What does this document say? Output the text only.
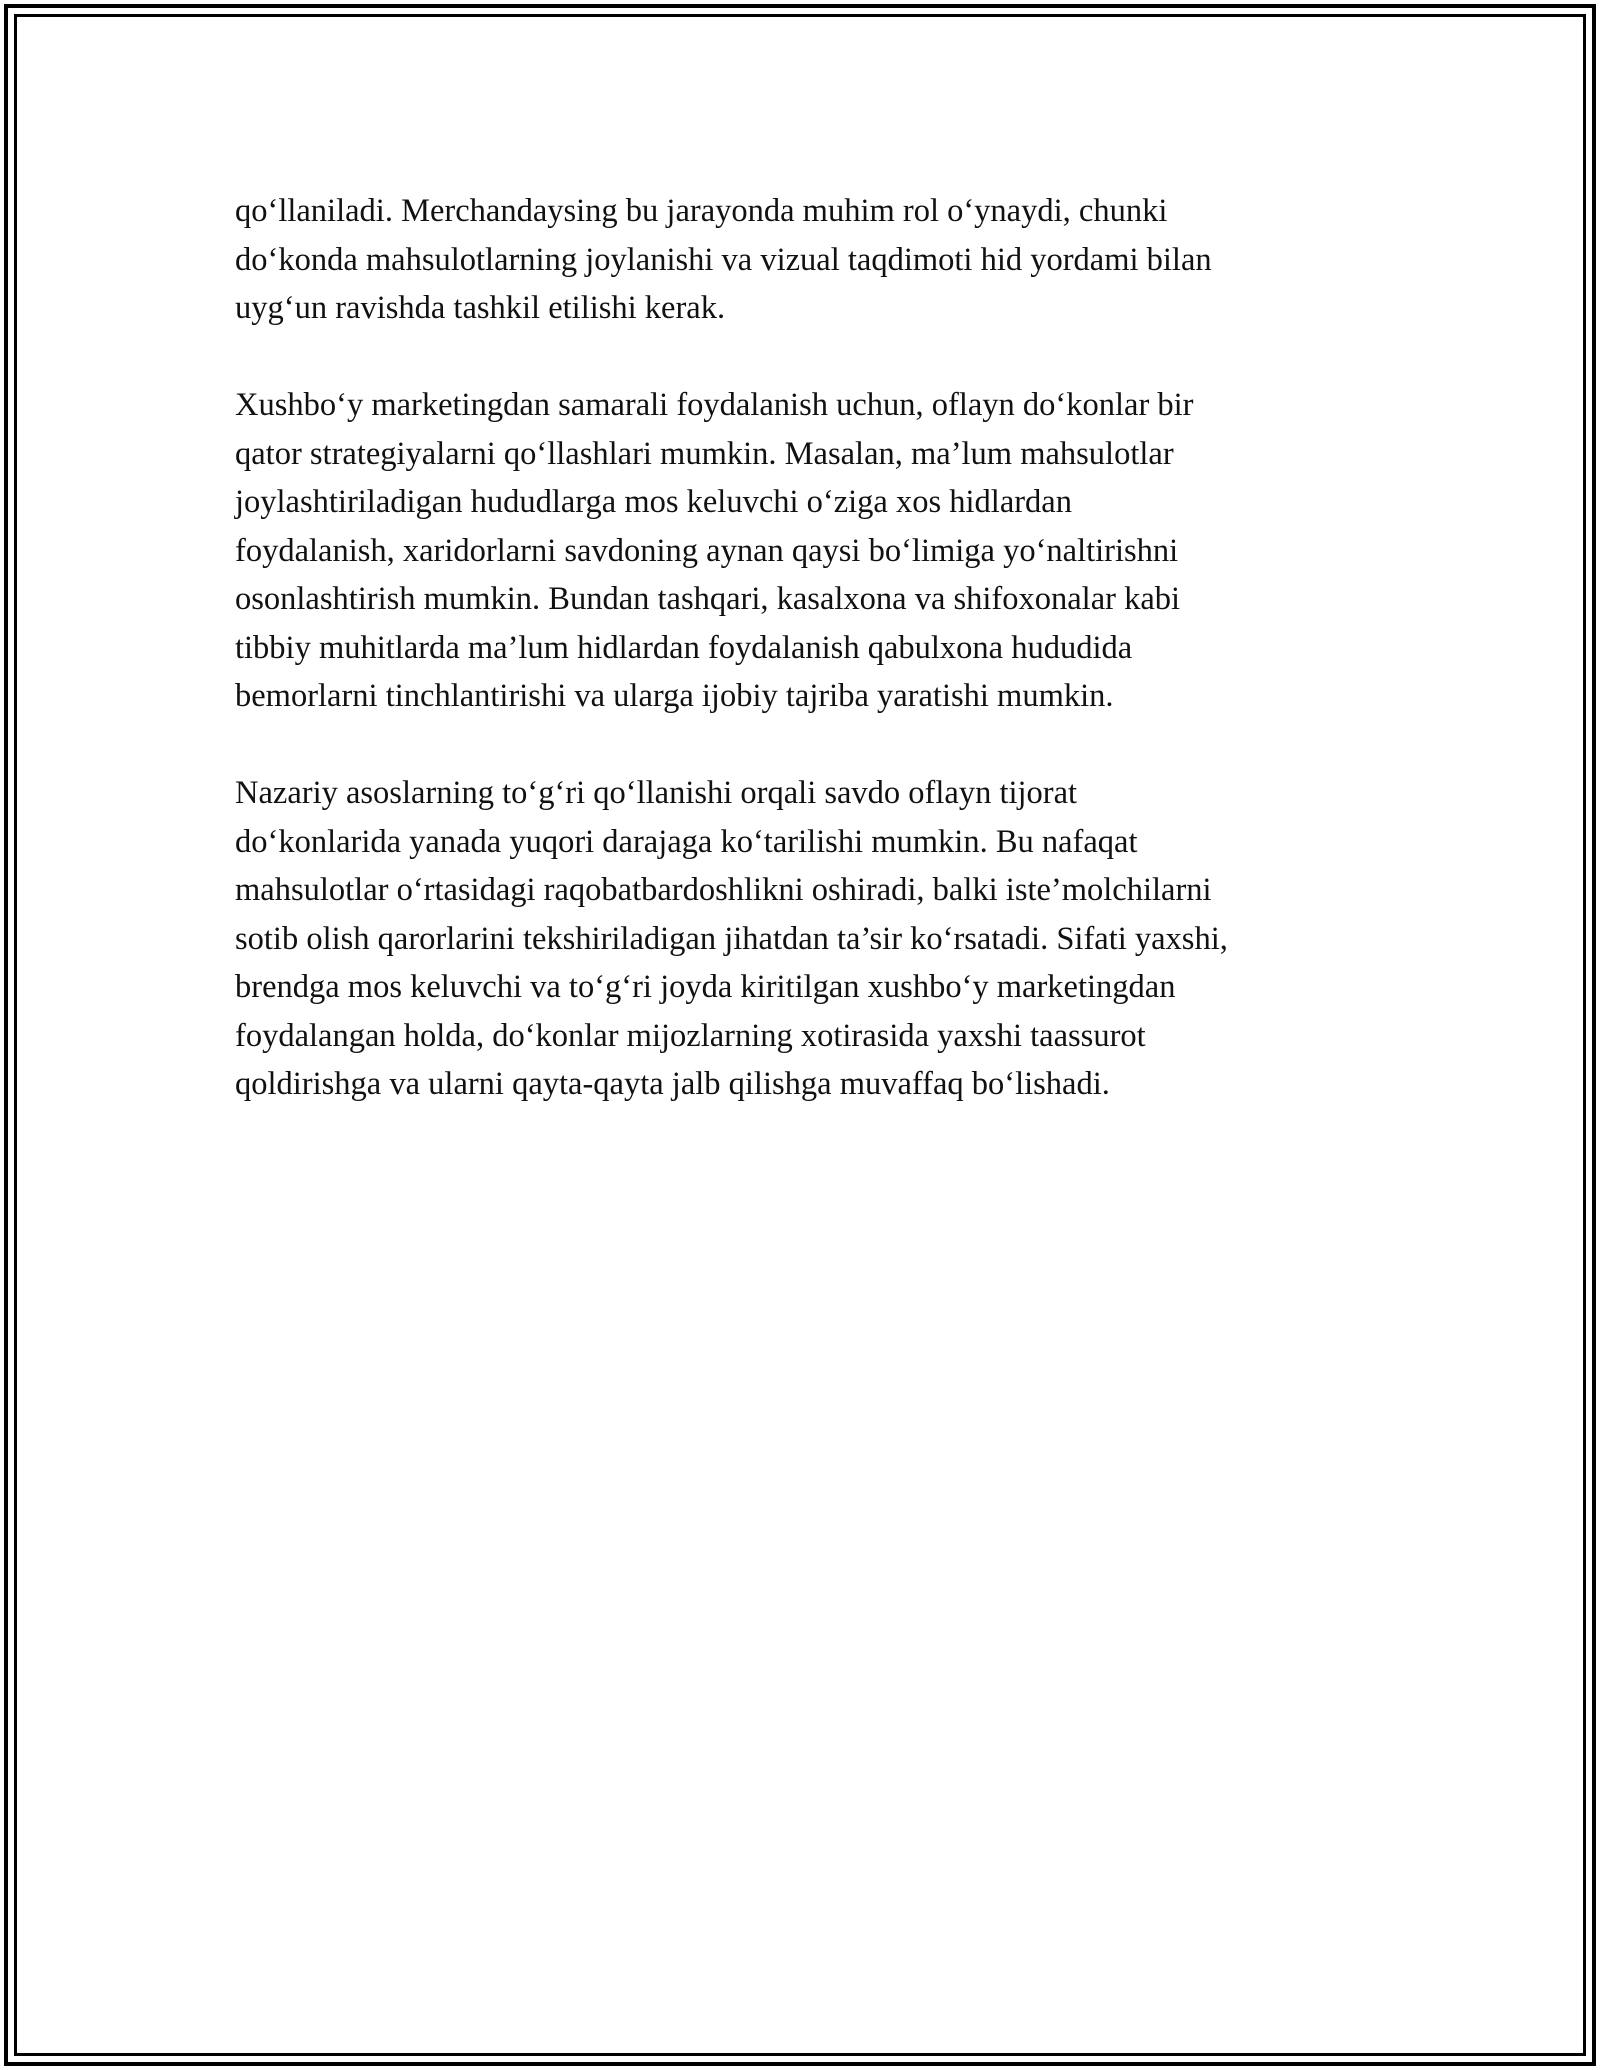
qo‘llaniladi. Merchandaysing bu jarayonda muhim rol o‘ynaydi, chunki
do‘konda mahsulotlarning joylanishi va vizual taqdimoti hid yordami bilan
uyg‘un ravishda tashkil etilishi kerak.

Xushbo‘y marketingdan samarali foydalanish uchun, oflayn do‘konlar bir
qator strategiyalarni qo‘llashlari mumkin. Masalan, ma’lum mahsulotlar
joylashtiriladigan hududlarga mos keluvchi o‘ziga xos hidlardan
foydalanish, xaridorlarni savdoning aynan qaysi bo‘limiga yo‘naltirishni
osonlashtirish mumkin. Bundan tashqari, kasalxona va shifoxonalar kabi
tibbiy muhitlarda ma’lum hidlardan foydalanish qabulxona hududida
bemorlarni tinchlantirishi va ularga ijobiy tajriba yaratishi mumkin.

Nazariy asoslarning to‘g‘ri qo‘llanishi orqali savdo oflayn tijorat
do‘konlarida yanada yuqori darajaga ko‘tarilishi mumkin. Bu nafaqat
mahsulotlar o‘rtasidagi raqobatbardoshlikni oshiradi, balki iste’molchilarni
sotib olish qarorlarini tekshiriladigan jihatdan ta’sir ko‘rsatadi. Sifati yaxshi,
brendga mos keluvchi va to‘g‘ri joyda kiritilgan xushbo‘y marketingdan
foydalangan holda, do‘konlar mijozlarning xotirasida yaxshi taassurot
qoldirishga va ularni qayta-qayta jalb qilishga muvaffaq bo‘lishadi.
